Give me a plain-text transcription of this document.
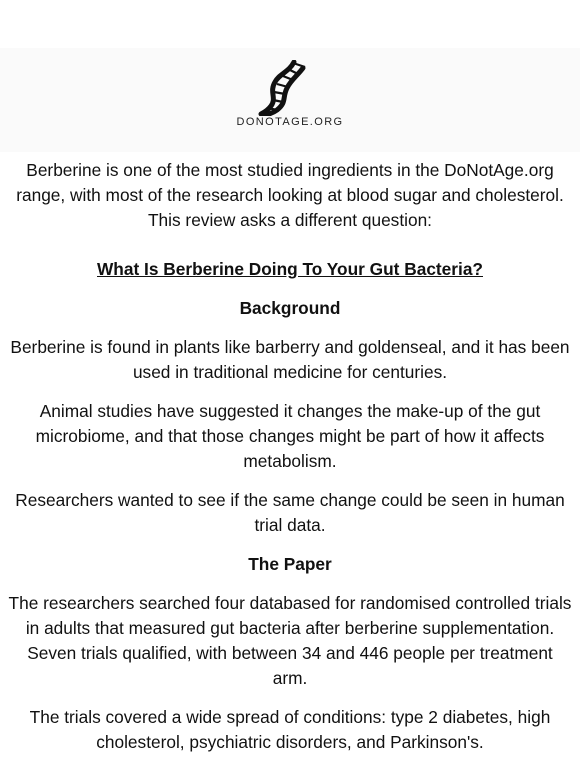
DONOTAGE.ORG

Berberine is one of the most studied ingredients in the DoNotAge.org range, with most of the research looking at blood sugar and cholesterol. This review asks a different question:

What Is Berberine Doing To Your Gut Bacteria?

Background

Berberine is found in plants like barberry and goldenseal, and it has been used in traditional medicine for centuries.

Animal studies have suggested it changes the make-up of the gut microbiome, and that those changes might be part of how it affects metabolism.

Researchers wanted to see if the same change could be seen in human trial data.

The Paper

The researchers searched four databased for randomised controlled trials in adults that measured gut bacteria after berberine supplementation. Seven trials qualified, with between 34 and 446 people per treatment arm.

The trials covered a wide spread of conditions: type 2 diabetes, high cholesterol, psychiatric disorders, and Parkinson's.
